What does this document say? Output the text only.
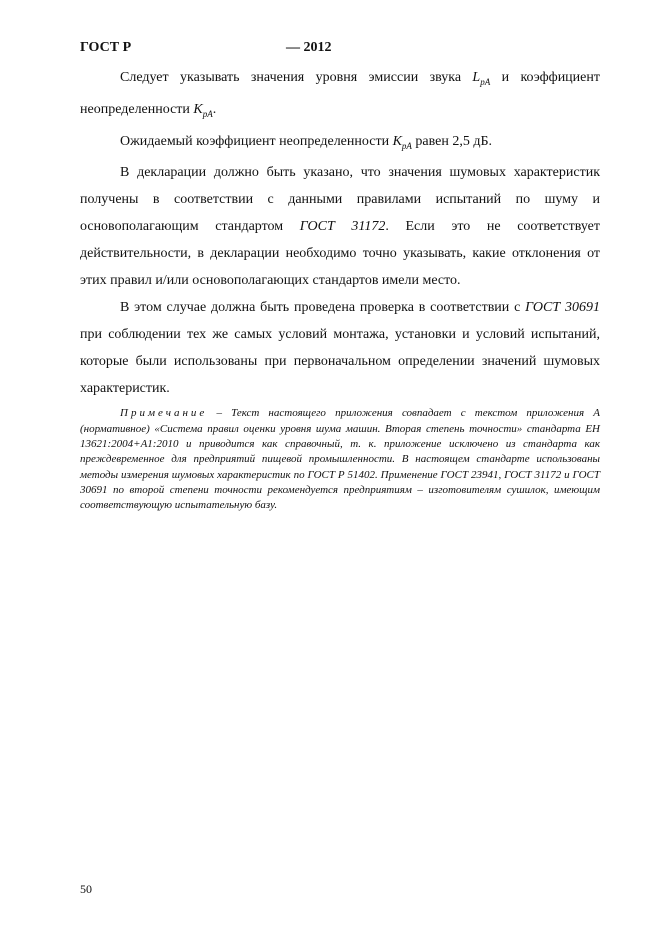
ГОСТ Р	— 2012

Следует указывать значения уровня эмиссии звука $L_{pA}$ и коэффициент неопределенности $K_{pA}$.

Ожидаемый коэффициент неопределенности $K_{pA}$ равен 2,5 дБ.

В декларации должно быть указано, что значения шумовых характеристик получены в соответствии с данными правилами испытаний по шуму и основополагающим стандартом ГОСТ 31172. Если это не соответствует действительности, в декларации необходимо точно указывать, какие отклонения от этих правил и/или основополагающих стандартов имели место.

В этом случае должна быть проведена проверка в соответствии с ГОСТ 30691 при соблюдении тех же самых условий монтажа, установки и условий испытаний, которые были использованы при первоначальном определении значений шумовых характеристик.

Примечание – Текст настоящего приложения совпадает с текстом приложения А (нормативное) «Система правил оценки уровня шума машин. Вторая степень точности» стандарта ЕН 13621:2004+А1:2010 и приводится как справочный, т. к. приложение исключено из стандарта как преждевременное для предприятий пищевой промышленности. В настоящем стандарте использованы методы измерения шумовых характеристик по ГОСТ Р 51402. Применение ГОСТ 23941, ГОСТ 31172 и ГОСТ 30691 по второй степени точности рекомендуется предприятиям – изготовителям сушилок, имеющим соответствующую испытательную базу.

50
